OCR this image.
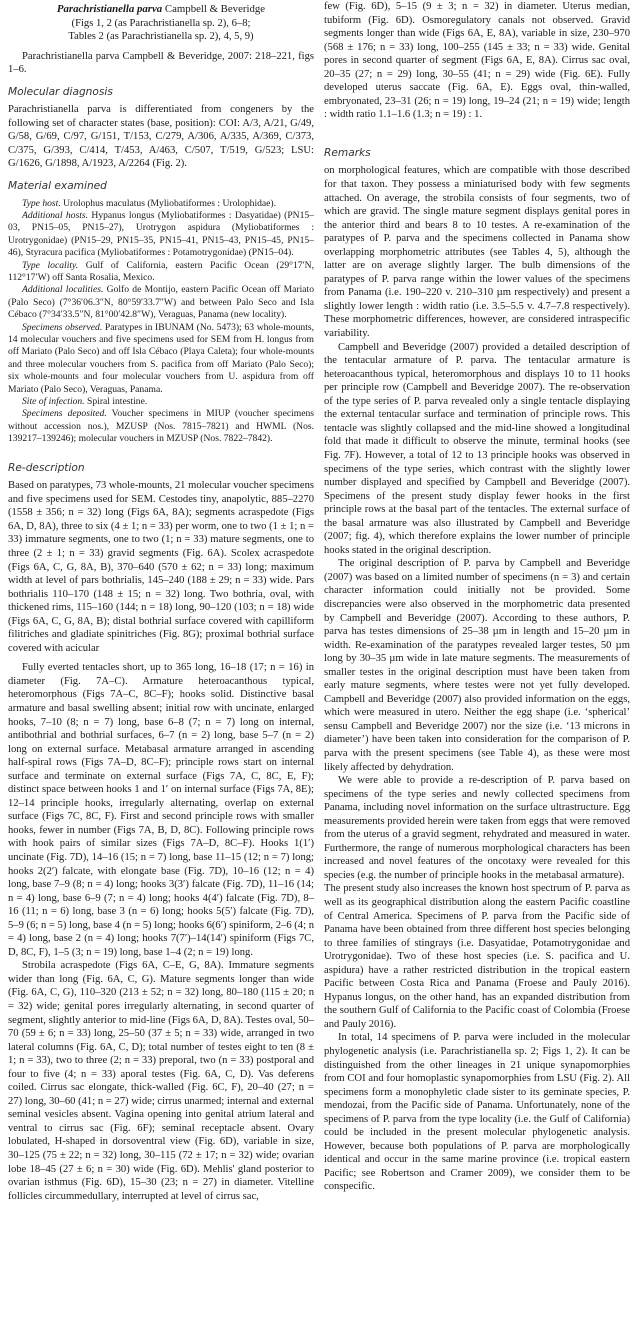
Parachristianella parva Campbell & Beveridge

(Figs 1, 2 (as Parachristianella sp. 2), 6–8;

Tables 2 (as Parachristianella sp. 2), 4, 5, 9)

Parachristianella parva Campbell & Beveridge, 2007: 218–221, figs 1–6.

Molecular diagnosis

Parachristianella parva is differentiated from congeners by the following set of character states (base, position): COI: A/3, A/21, G/49, G/58, G/69, C/97, G/151, T/153, C/279, A/306, A/335, A/369, C/373, C/375, G/393, C/414, T/453, A/463, C/507, T/519, G/523; LSU: G/1626, G/1898, A/1923, A/2264 (Fig. 2).

Material examined

Type host. Urolophus maculatus (Myliobatiformes : Urolophidae).

Additional hosts. Hypanus longus (Myliobatiformes : Dasyatidae) (PN15–03, PN15–05, PN15–27), Urotrygon aspidura (Myliobatiformes : Urotrygonidae) (PN15–29, PN15–35, PN15–41, PN15–43, PN15–45, PN15–46), Styracura pacifica (Myliobatiformes : Potamotrygonidae) (PN15–04).

Type locality. Gulf of California, eastern Pacific Ocean (29°17′N, 112°17′W) off Santa Rosalia, Mexico.

Additional localities. Golfo de Montijo, eastern Pacific Ocean off Mariato (Palo Seco) (7°36′06.3″N, 80°59′33.7″W) and between Palo Seco and Isla Cébaco (7°34′33.5″N, 81°00′42.8″W), Veraguas, Panama (new locality).

Specimens observed. Paratypes in IBUNAM (No. 5473); 63 whole-mounts, 14 molecular vouchers and five specimens used for SEM from H. longus from off Mariato (Palo Seco) and off Isla Cébaco (Playa Caleta); four whole-mounts and three molecular vouchers from S. pacifica from off Mariato (Palo Seco); six whole-mounts and four molecular vouchers from U. aspidura from off Mariato (Palo Seco), Veraguas, Panama.

Site of infection. Spiral intestine.

Specimens deposited. Voucher specimens in MIUP (voucher specimens without accession nos.), MZUSP (Nos. 7815–7821) and HWML (Nos. 139217–139246); molecular vouchers in MZUSP (Nos. 7822–7842).

Re-description

Based on paratypes, 73 whole-mounts, 21 molecular voucher specimens and five specimens used for SEM. Cestodes tiny, anapolytic, 885–2270 (1558 ± 356; n = 32) long (Figs 6A, 8A); segments acraspedote (Figs 6A, D, 8A), three to six (4 ± 1; n = 33) per worm, one to two (1 ± 1; n = 33) immature segments, one to two (1; n = 33) mature segments, one to three (2 ± 1; n = 33) gravid segments (Fig. 6A). Scolex acraspedote (Figs 6A, C, G, 8A, B), 370–640 (570 ± 62; n = 33) long; maximum width at level of pars bothrialis, 145–240 (188 ± 29; n = 33) wide. Pars bothrialis 110–170 (148 ± 15; n = 32) long. Two bothria, oval, with thickened rims, 115–160 (144; n = 18) long, 90–120 (103; n = 18) wide (Figs 6A, C, G, 8A, B); distal bothrial surface covered with capilliform filitriches and gladiate spinitriches (Fig. 8G); proximal bothrial surface covered with acicular

Fully everted tentacles short, up to 365 long, 16–18 (17; n = 16) in diameter (Fig. 7A–C). Armature heteroacanthous typical, heteromorphous (Figs 7A–C, 8C–F); hooks solid. Distinctive basal armature and basal swelling absent; initial row with uncinate, enlarged hooks, 7–10 (8; n = 7) long, base 6–8 (7; n = 7) long on internal, antibothrial and bothrial surfaces, 6–7 (n = 2) long, base 5–7 (n = 2) long on external surface. Metabasal armature arranged in ascending half-spiral rows (Figs 7A–D, 8C–F); principle rows start on internal surface and terminate on external surface (Figs 7A, C, 8C, E, F); distinct space between hooks 1 and 1′ on internal surface (Figs 7A, 8E); 12–14 principle hooks, irregularly alternating, overlap on external surface (Figs 7C, 8C, F). First and second principle rows with smaller hooks, fewer in number (Figs 7A, B, D, 8C). Following principle rows with hook pairs of similar sizes (Figs 7A–D, 8C–F). Hooks 1(1′) uncinate (Fig. 7D), 14–16 (15; n = 7) long, base 11–15 (12; n = 7) long; hooks 2(2′) falcate, with elongate base (Fig. 7D), 10–16 (12; n = 4) long, base 7–9 (8; n = 4) long; hooks 3(3′) falcate (Fig. 7D), 11–16 (14; n = 4) long, base 6–9 (7; n = 4) long; hooks 4(4′) falcate (Fig. 7D), 8–16 (11; n = 6) long, base 3 (n = 6) long; hooks 5(5′) falcate (Fig. 7D), 5–9 (6; n = 5) long, base 4 (n = 5) long; hooks 6(6′) spiniform, 2–6 (4; n = 4) long, base 2 (n = 4) long; hooks 7(7′)–14(14′) spiniform (Figs 7C, D, 8C, F), 1–5 (3; n = 19) long, base 1–4 (2; n = 19) long.

Strobila acraspedote (Figs 6A, C–E, G, 8A). Immature segments wider than long (Fig. 6A, C, G). Mature segments longer than wide (Fig. 6A, C, G), 110–320 (213 ± 52; n = 32) long, 80–180 (115 ± 20; n = 32) wide; genital pores irregularly alternating, in second quarter of segment, slightly anterior to mid-line (Figs 6A, D, 8A). Testes oval, 50–70 (59 ± 6; n = 33) long, 25–50 (37 ± 5; n = 33) wide, arranged in two lateral columns (Fig. 6A, C, D); total number of testes eight to ten (8 ± 1; n = 33), two to three (2; n = 33) preporal, two (n = 33) postporal and four to five (4; n = 33) aporal testes (Fig. 6A, C, D). Vas deferens coiled. Cirrus sac elongate, thick-walled (Fig. 6C, F), 20–40 (27; n = 27) long, 30–60 (41; n = 27) wide; cirrus unarmed; internal and external seminal vesicles absent. Vagina opening into genital atrium lateral and ventral to cirrus sac (Fig. 6F); seminal receptacle absent. Ovary lobulated, H-shaped in dorsoventral view (Fig. 6D), variable in size, 30–125 (75 ± 22; n = 32) long, 30–115 (72 ± 17; n = 32) wide; ovarian lobe 18–45 (27 ± 6; n = 30) wide (Fig. 6D). Mehlis' gland posterior to ovarian isthmus (Fig. 6D), 15–30 (23; n = 27) in diameter. Vitelline follicles circummedullary, interrupted at level of cirrus sac,

few (Fig. 6D), 5–15 (9 ± 3; n = 32) in diameter. Uterus median, tubiform (Fig. 6D). Osmoregulatory canals not observed. Gravid segments longer than wide (Figs 6A, E, 8A), variable in size, 230–970 (568 ± 176; n = 33) long, 100–255 (145 ± 33; n = 33) wide. Genital pores in second quarter of segment (Figs 6A, E, 8A). Cirrus sac oval, 20–35 (27; n = 29) long, 30–55 (41; n = 29) wide (Fig. 6E). Fully developed uterus saccate (Fig. 6A, E). Eggs oval, thin-walled, embryonated, 23–31 (26; n = 19) long, 19–24 (21; n = 19) wide; length : width ratio 1.1–1.6 (1.3; n = 19) : 1.

Remarks

on morphological features, which are compatible with those described for that taxon. They possess a miniaturised body with few segments attached. On average, the strobila consists of four segments, two of which are gravid. The single mature segment displays genital pores in the anterior third and bears 8 to 10 testes. A re-examination of the paratypes of P. parva and the specimens collected in Panama show overlapping morphometric attributes (see Tables 4, 5), although the latter are on average slightly larger. The bulb dimensions of the paratypes of P. parva range within the lower values of the specimens from Panama (i.e. 190–220 v. 210–310 µm respectively) and present a slightly lower length : width ratio (i.e. 3.5–5.5 v. 4.7–7.8 respectively). These morphometric differences, however, are considered intraspecific variability.

Campbell and Beveridge (2007) provided a detailed description of the tentacular armature of P. parva. The tentacular armature is heteroacanthous typical, heteromorphous and displays 10 to 11 hooks per principle row (Campbell and Beveridge 2007). The re-observation of the type series of P. parva revealed only a single tentacle displaying the external tentacular surface and termination of principle rows. This tentacle was slightly collapsed and the mid-line showed a longitudinal fold that made it difficult to observe the minute, terminal hooks (see Fig. 7F). However, a total of 12 to 13 principle hooks was observed in specimens of the type series, which contrast with the slightly lower number displayed and specified by Campbell and Beveridge (2007). Specimens of the present study display fewer hooks in the first principle rows at the basal part of the tentacles. The external surface of the basal armature was also illustrated by Campbell and Beveridge (2007; fig. 4), which therefore explains the lower number of principle hooks stated in the original description.

The original description of P. parva by Campbell and Beveridge (2007) was based on a limited number of specimens (n = 3) and certain character information could initially not be provided. Some discrepancies were also observed in the morphometric data presented by Campbell and Beveridge (2007). According to these authors, P. parva has testes dimensions of 25–38 µm in length and 15–20 µm in width. Re-examination of the paratypes revealed larger testes, 50 µm long by 30–35 µm wide in late mature segments. The measurements of smaller testes in the original description must have been taken from early mature segments, where testes were not yet fully developed. Campbell and Beveridge (2007) also provided information on the eggs, which were measured in utero. Neither the egg shape (i.e. ‘spherical’ sensu Campbell and Beveridge 2007) nor the size (i.e. ‘13 microns in diameter’) have been taken into consideration for the comparison of P. parva with the present specimens (see Table 4), as these were most likely affected by dehydration.

We were able to provide a re-description of P. parva based on specimens of the type series and newly collected specimens from Panama, including novel information on the surface ultrastructure. Egg measurements provided herein were taken from eggs that were removed from the uterus of a gravid segment, rehydrated and measured in water. Furthermore, the range of numerous morphological characters has been increased and novel features of the oncotaxy were revealed for this species (e.g. the number of principle hooks in the metabasal armature).

The present study also increases the known host spectrum of P. parva as well as its geographical distribution along the eastern Pacific coastline of Central America. Specimens of P. parva from the Pacific side of Panama have been obtained from three different host species belonging to three families of stingrays (i.e. Dasyatidae, Potamotrygonidae and Urotrygonidae). Two of these host species (i.e. S. pacifica and U. aspidura) have a rather restricted distribution in the tropical eastern Pacific between Costa Rica and Panama (Froese and Pauly 2016). Hypanus longus, on the other hand, has an expanded distribution from the southern Gulf of California to the Pacific coast of Colombia (Froese and Pauly 2016).

In total, 14 specimens of P. parva were included in the molecular phylogenetic analysis (i.e. Parachristianella sp. 2; Figs 1, 2). It can be distinguished from the other lineages in 21 unique synapomorphies from COI and four homoplastic synapomorphies from LSU (Fig. 2). All specimens form a monophyletic clade sister to its geminate species, P. mendozai, from the Pacific side of Panama. Unfortunately, none of the specimens of P. parva from the type locality (i.e. the Gulf of California) could be included in the present molecular phylogenetic analysis. However, because both populations of P. parva are morphologically identical and occur in the same marine province (i.e. tropical eastern Pacific; see Robertson and Cramer 2009), we consider them to be conspecific.
